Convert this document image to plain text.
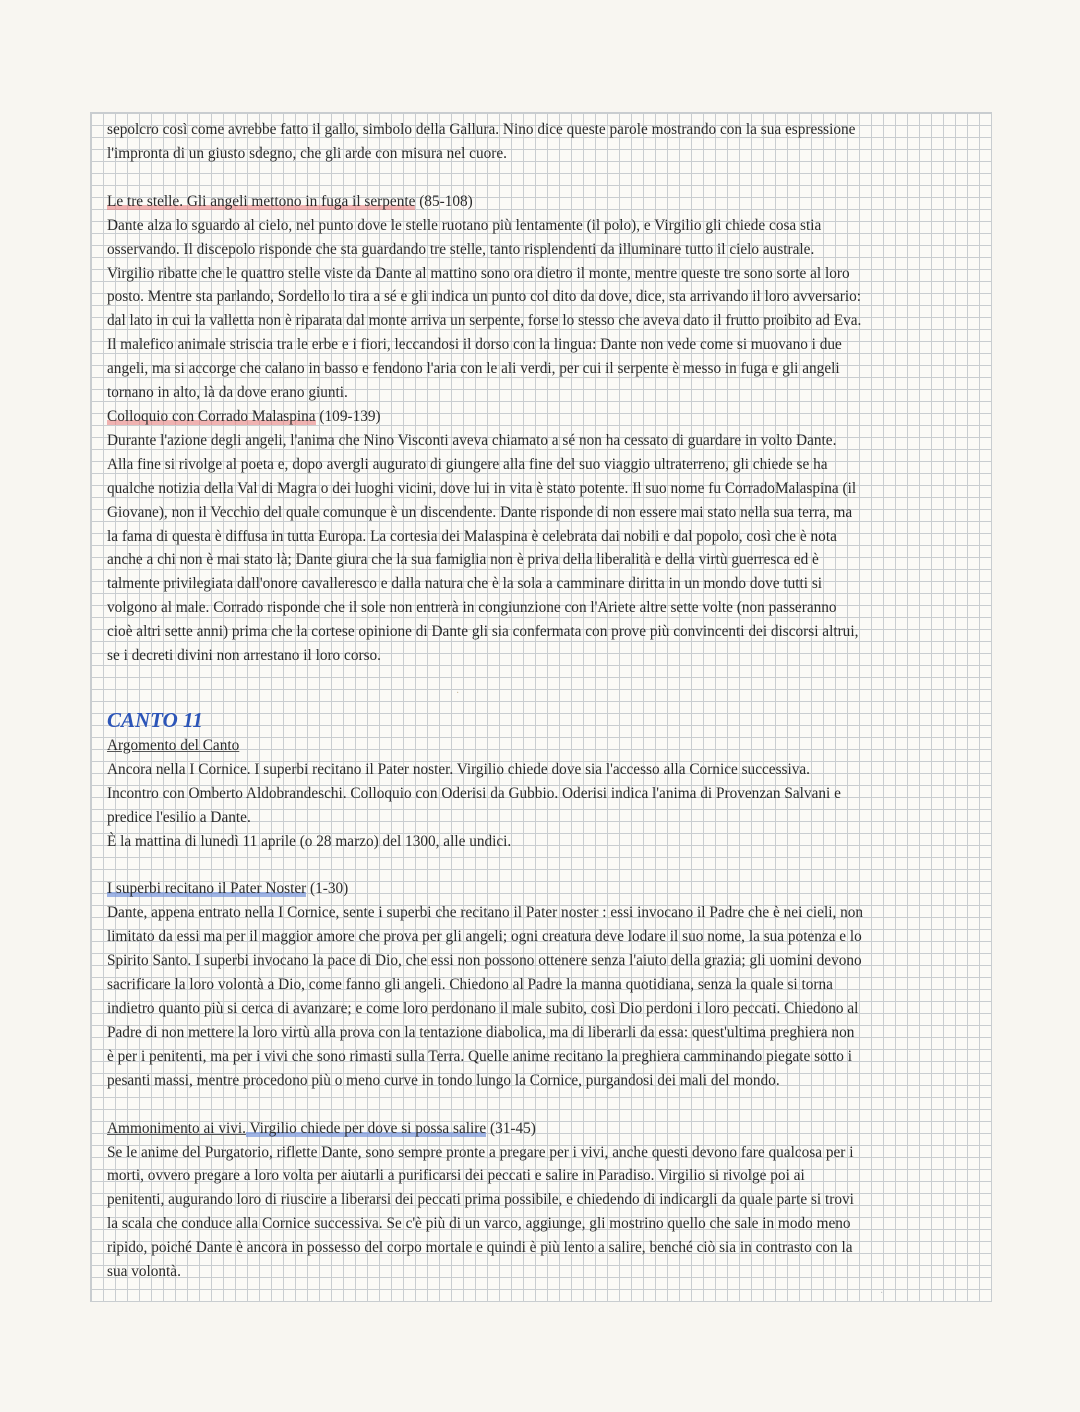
·
·

sepolcro così come avrebbe fatto il gallo, simbolo della Gallura. Nino dice queste parole mostrando con la sua espressione

l'impronta di un giusto sdegno, che gli arde con misura nel cuore.

Le tre stelle. Gli angeli mettono in fuga il serpente (85-108)

Dante alza lo sguardo al cielo, nel punto dove le stelle ruotano più lentamente (il polo), e Virgilio gli chiede cosa stia

osservando. Il discepolo risponde che sta guardando tre stelle, tanto risplendenti da illuminare tutto il cielo australe.

Virgilio ribatte che le quattro stelle viste da Dante al mattino sono ora dietro il monte, mentre queste tre sono sorte al loro

posto. Mentre sta parlando, Sordello lo tira a sé e gli indica un punto col dito da dove, dice, sta arrivando il loro avversario:

dal lato in cui la valletta non è riparata dal monte arriva un serpente, forse lo stesso che aveva dato il frutto proibito ad Eva.

Il malefico animale striscia tra le erbe e i fiori, leccandosi il dorso con la lingua: Dante non vede come si muovano i due

angeli, ma si accorge che calano in basso e fendono l'aria con le ali verdi, per cui il serpente è messo in fuga e gli angeli

tornano in alto, là da dove erano giunti.

Colloquio con Corrado Malaspina (109-139)

Durante l'azione degli angeli, l'anima che Nino Visconti aveva chiamato a sé non ha cessato di guardare in volto Dante.

Alla fine si rivolge al poeta e, dopo avergli augurato di giungere alla fine del suo viaggio ultraterreno, gli chiede se ha

qualche notizia della Val di Magra o dei luoghi vicini, dove lui in vita è stato potente. Il suo nome fu CorradoMalaspina (il

Giovane), non il Vecchio del quale comunque è un discendente. Dante risponde di non essere mai stato nella sua terra, ma

la fama di questa è diffusa in tutta Europa. La cortesia dei Malaspina è celebrata dai nobili e dal popolo, così che è nota

anche a chi non è mai stato là; Dante giura che la sua famiglia non è priva della liberalità e della virtù guerresca ed è

talmente privilegiata dall'onore cavalleresco e dalla natura che è la sola a camminare diritta in un mondo dove tutti si

volgono al male. Corrado risponde che il sole non entrerà in congiunzione con l'Ariete altre sette volte (non passeranno

cioè altri sette anni) prima che la cortese opinione di Dante gli sia confermata con prove più convincenti dei discorsi altrui,

se i decreti divini non arrestano il loro corso.

CANTO 11

Argomento del Canto

Ancora nella I Cornice. I superbi recitano il Pater noster. Virgilio chiede dove sia l'accesso alla Cornice successiva.

Incontro con Omberto Aldobrandeschi. Colloquio con Oderisi da Gubbio. Oderisi indica l'anima di Provenzan Salvani e

predice l'esilio a Dante.

È la mattina di lunedì 11 aprile (o 28 marzo) del 1300, alle undici.

I superbi recitano il Pater Noster (1-30)

Dante, appena entrato nella I Cornice, sente i superbi che recitano il Pater noster : essi invocano il Padre che è nei cieli, non

limitato da essi ma per il maggior amore che prova per gli angeli; ogni creatura deve lodare il suo nome, la sua potenza e lo

Spirito Santo. I superbi invocano la pace di Dio, che essi non possono ottenere senza l'aiuto della grazia; gli uomini devono

sacrificare la loro volontà a Dio, come fanno gli angeli. Chiedono al Padre la manna quotidiana, senza la quale si torna

indietro quanto più si cerca di avanzare; e come loro perdonano il male subito, così Dio perdoni i loro peccati. Chiedono al

Padre di non mettere la loro virtù alla prova con la tentazione diabolica, ma di liberarli da essa: quest'ultima preghiera non

è per i penitenti, ma per i vivi che sono rimasti sulla Terra. Quelle anime recitano la preghiera camminando piegate sotto i

pesanti massi, mentre procedono più o meno curve in tondo lungo la Cornice, purgandosi dei mali del mondo.

Ammonimento ai vivi. Virgilio chiede per dove si possa salire (31-45)

Se le anime del Purgatorio, riflette Dante, sono sempre pronte a pregare per i vivi, anche questi devono fare qualcosa per i

morti, ovvero pregare a loro volta per aiutarli a purificarsi dei peccati e salire in Paradiso. Virgilio si rivolge poi ai

penitenti, augurando loro di riuscire a liberarsi dei peccati prima possibile, e chiedendo di indicargli da quale parte si trovi

la scala che conduce alla Cornice successiva. Se c'è più di un varco, aggiunge, gli mostrino quello che sale in modo meno

ripido, poiché Dante è ancora in possesso del corpo mortale e quindi è più lento a salire, benché ciò sia in contrasto con la

sua volontà.
